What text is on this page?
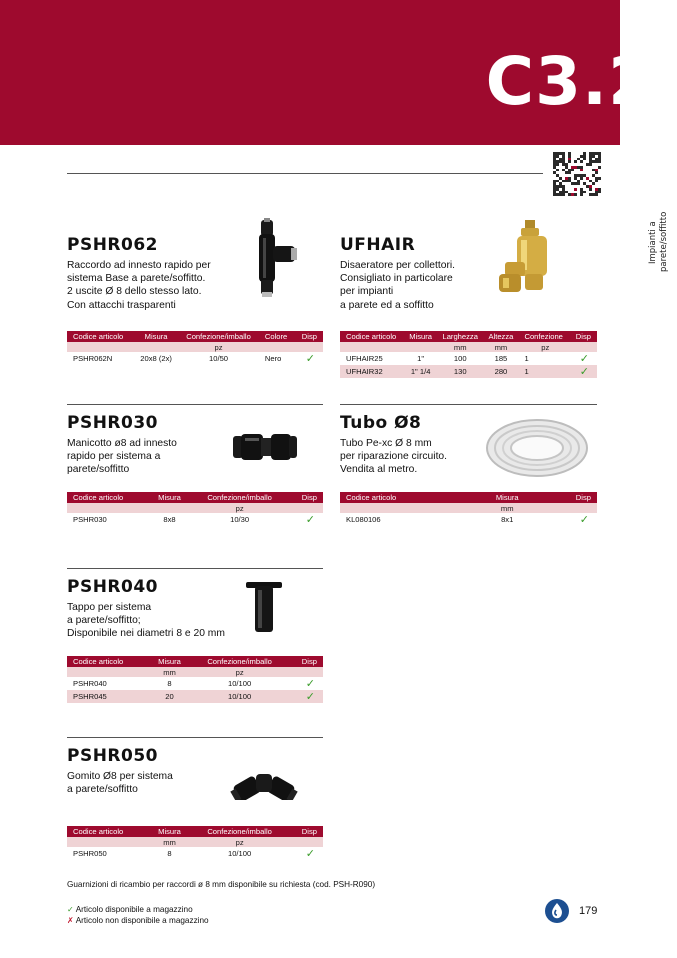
C3.2
Impianti a parete/soffitto
PSHR062
Raccordo ad innesto rapido per
sistema Base a parete/soffitto.
2 uscite Ø 8 dello stesso lato.
Con attacchi trasparenti
UFHAIR
Disaeratore per collettori.
Consigliato in particolare
per impianti
a parete ed a soffitto
Codice articolo	Misura	Confezione/imballo	Colore	Disp
		pz		
PSHR062N	20x8 (2x)	10/50	Nero	✓
Codice articolo	Misura	Larghezza	Altezza	Confezione	Disp
		mm	mm	pz	
UFHAIR25	1"	100	185	1	✓
UFHAIR32	1" 1/4	130	280	1	✓
PSHR030
Manicotto ø8 ad innesto
rapido per sistema a
parete/soffitto
Tubo Ø8
Tubo Pe-xc Ø 8 mm
per riparazione circuito.
Vendita al metro.
Codice articolo	Misura	Confezione/imballo	Disp
		pz	
PSHR030	8x8	10/30	✓
Codice articolo	Misura	Disp
	mm	
KL080106	8x1	✓
PSHR040
Tappo per sistema
a parete/soffitto;
Disponibile nei diametri 8 e 20 mm
Codice articolo	Misura	Confezione/imballo	Disp
	mm	pz	
PSHR040	8	10/100	✓
PSHR045	20	10/100	✓
PSHR050
Gomito Ø8 per sistema
a parete/soffitto
Codice articolo	Misura	Confezione/imballo	Disp
	mm	pz	
PSHR050	8	10/100	✓
Guarnizioni di ricambio per raccordi ø 8 mm disponibile su richiesta (cod. PSH-R090)
✓ Articolo disponibile a magazzino
✗ Articolo non disponibile a magazzino
179
